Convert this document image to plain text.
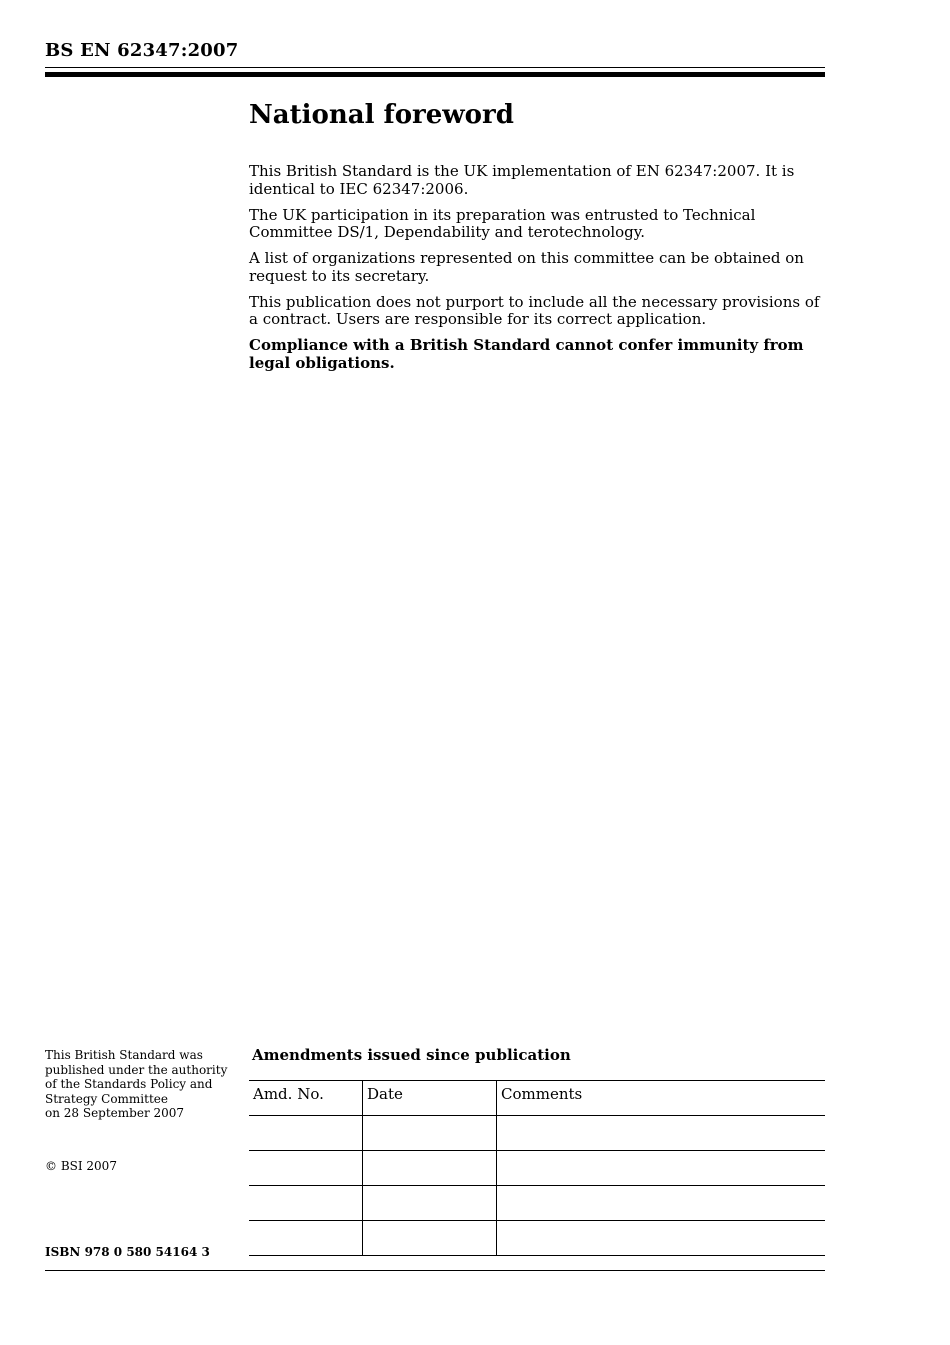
BS EN 62347:2007
National foreword

This British Standard is the UK implementation of EN 62347:2007. It is identical to IEC 62347:2006.

The UK participation in its preparation was entrusted to Technical Committee DS/1, Dependability and terotechnology.

A list of organizations represented on this committee can be obtained on request to its secretary.

This publication does not purport to include all the necessary provisions of a contract. Users are responsible for its correct application.

Compliance with a British Standard cannot confer immunity from legal obligations.

This British Standard was
published under the authority
of the Standards Policy and
Strategy Committee
on 28 September 2007
© BSI 2007
ISBN 978 0 580 54164 3
Amendments issued since publication
Amd. No.	Date	Comments
